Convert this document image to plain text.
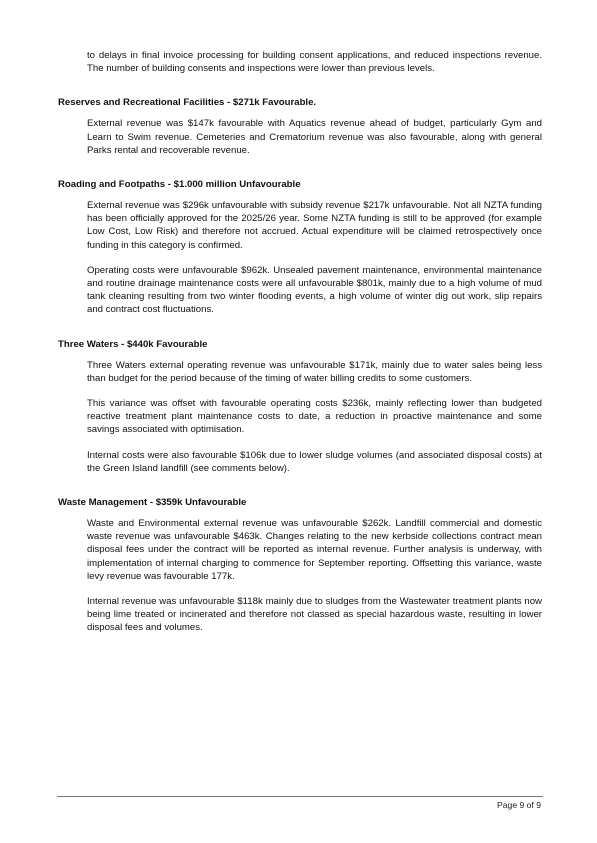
to delays in final invoice processing for building consent applications, and reduced inspections revenue. The number of building consents and inspections were lower than previous levels.

Reserves and Recreational Facilities - $271k Favourable.

External revenue was $147k favourable with Aquatics revenue ahead of budget, particularly Gym and Learn to Swim revenue. Cemeteries and Crematorium revenue was also favourable, along with general Parks rental and recoverable revenue.

Roading and Footpaths - $1.000 million Unfavourable

External revenue was $296k unfavourable with subsidy revenue $217k unfavourable. Not all NZTA funding has been officially approved for the 2025/26 year. Some NZTA funding is still to be approved (for example Low Cost, Low Risk) and therefore not accrued. Actual expenditure will be claimed retrospectively once funding in this category is confirmed.

Operating costs were unfavourable $962k. Unsealed pavement maintenance, environmental maintenance and routine drainage maintenance costs were all unfavourable $801k, mainly due to a high volume of mud tank cleaning resulting from two winter flooding events, a high volume of winter dig out work, slip repairs and contract cost fluctuations.

Three Waters - $440k Favourable

Three Waters external operating revenue was unfavourable $171k, mainly due to water sales being less than budget for the period because of the timing of water billing credits to some customers.

This variance was offset with favourable operating costs $236k, mainly reflecting lower than budgeted reactive treatment plant maintenance costs to date, a reduction in proactive maintenance and some savings associated with optimisation.

Internal costs were also favourable $106k due to lower sludge volumes (and associated disposal costs) at the Green Island landfill (see comments below).

Waste Management - $359k Unfavourable

Waste and Environmental external revenue was unfavourable $262k. Landfill commercial and domestic waste revenue was unfavourable $463k. Changes relating to the new kerbside collections contract mean disposal fees under the contract will be reported as internal revenue. Further analysis is underway, with implementation of internal charging to commence for September reporting. Offsetting this variance, waste levy revenue was favourable 177k.

Internal revenue was unfavourable $118k mainly due to sludges from the Wastewater treatment plants now being lime treated or incinerated and therefore not classed as special hazardous waste, resulting in lower disposal fees and volumes.

Page 9 of 9
